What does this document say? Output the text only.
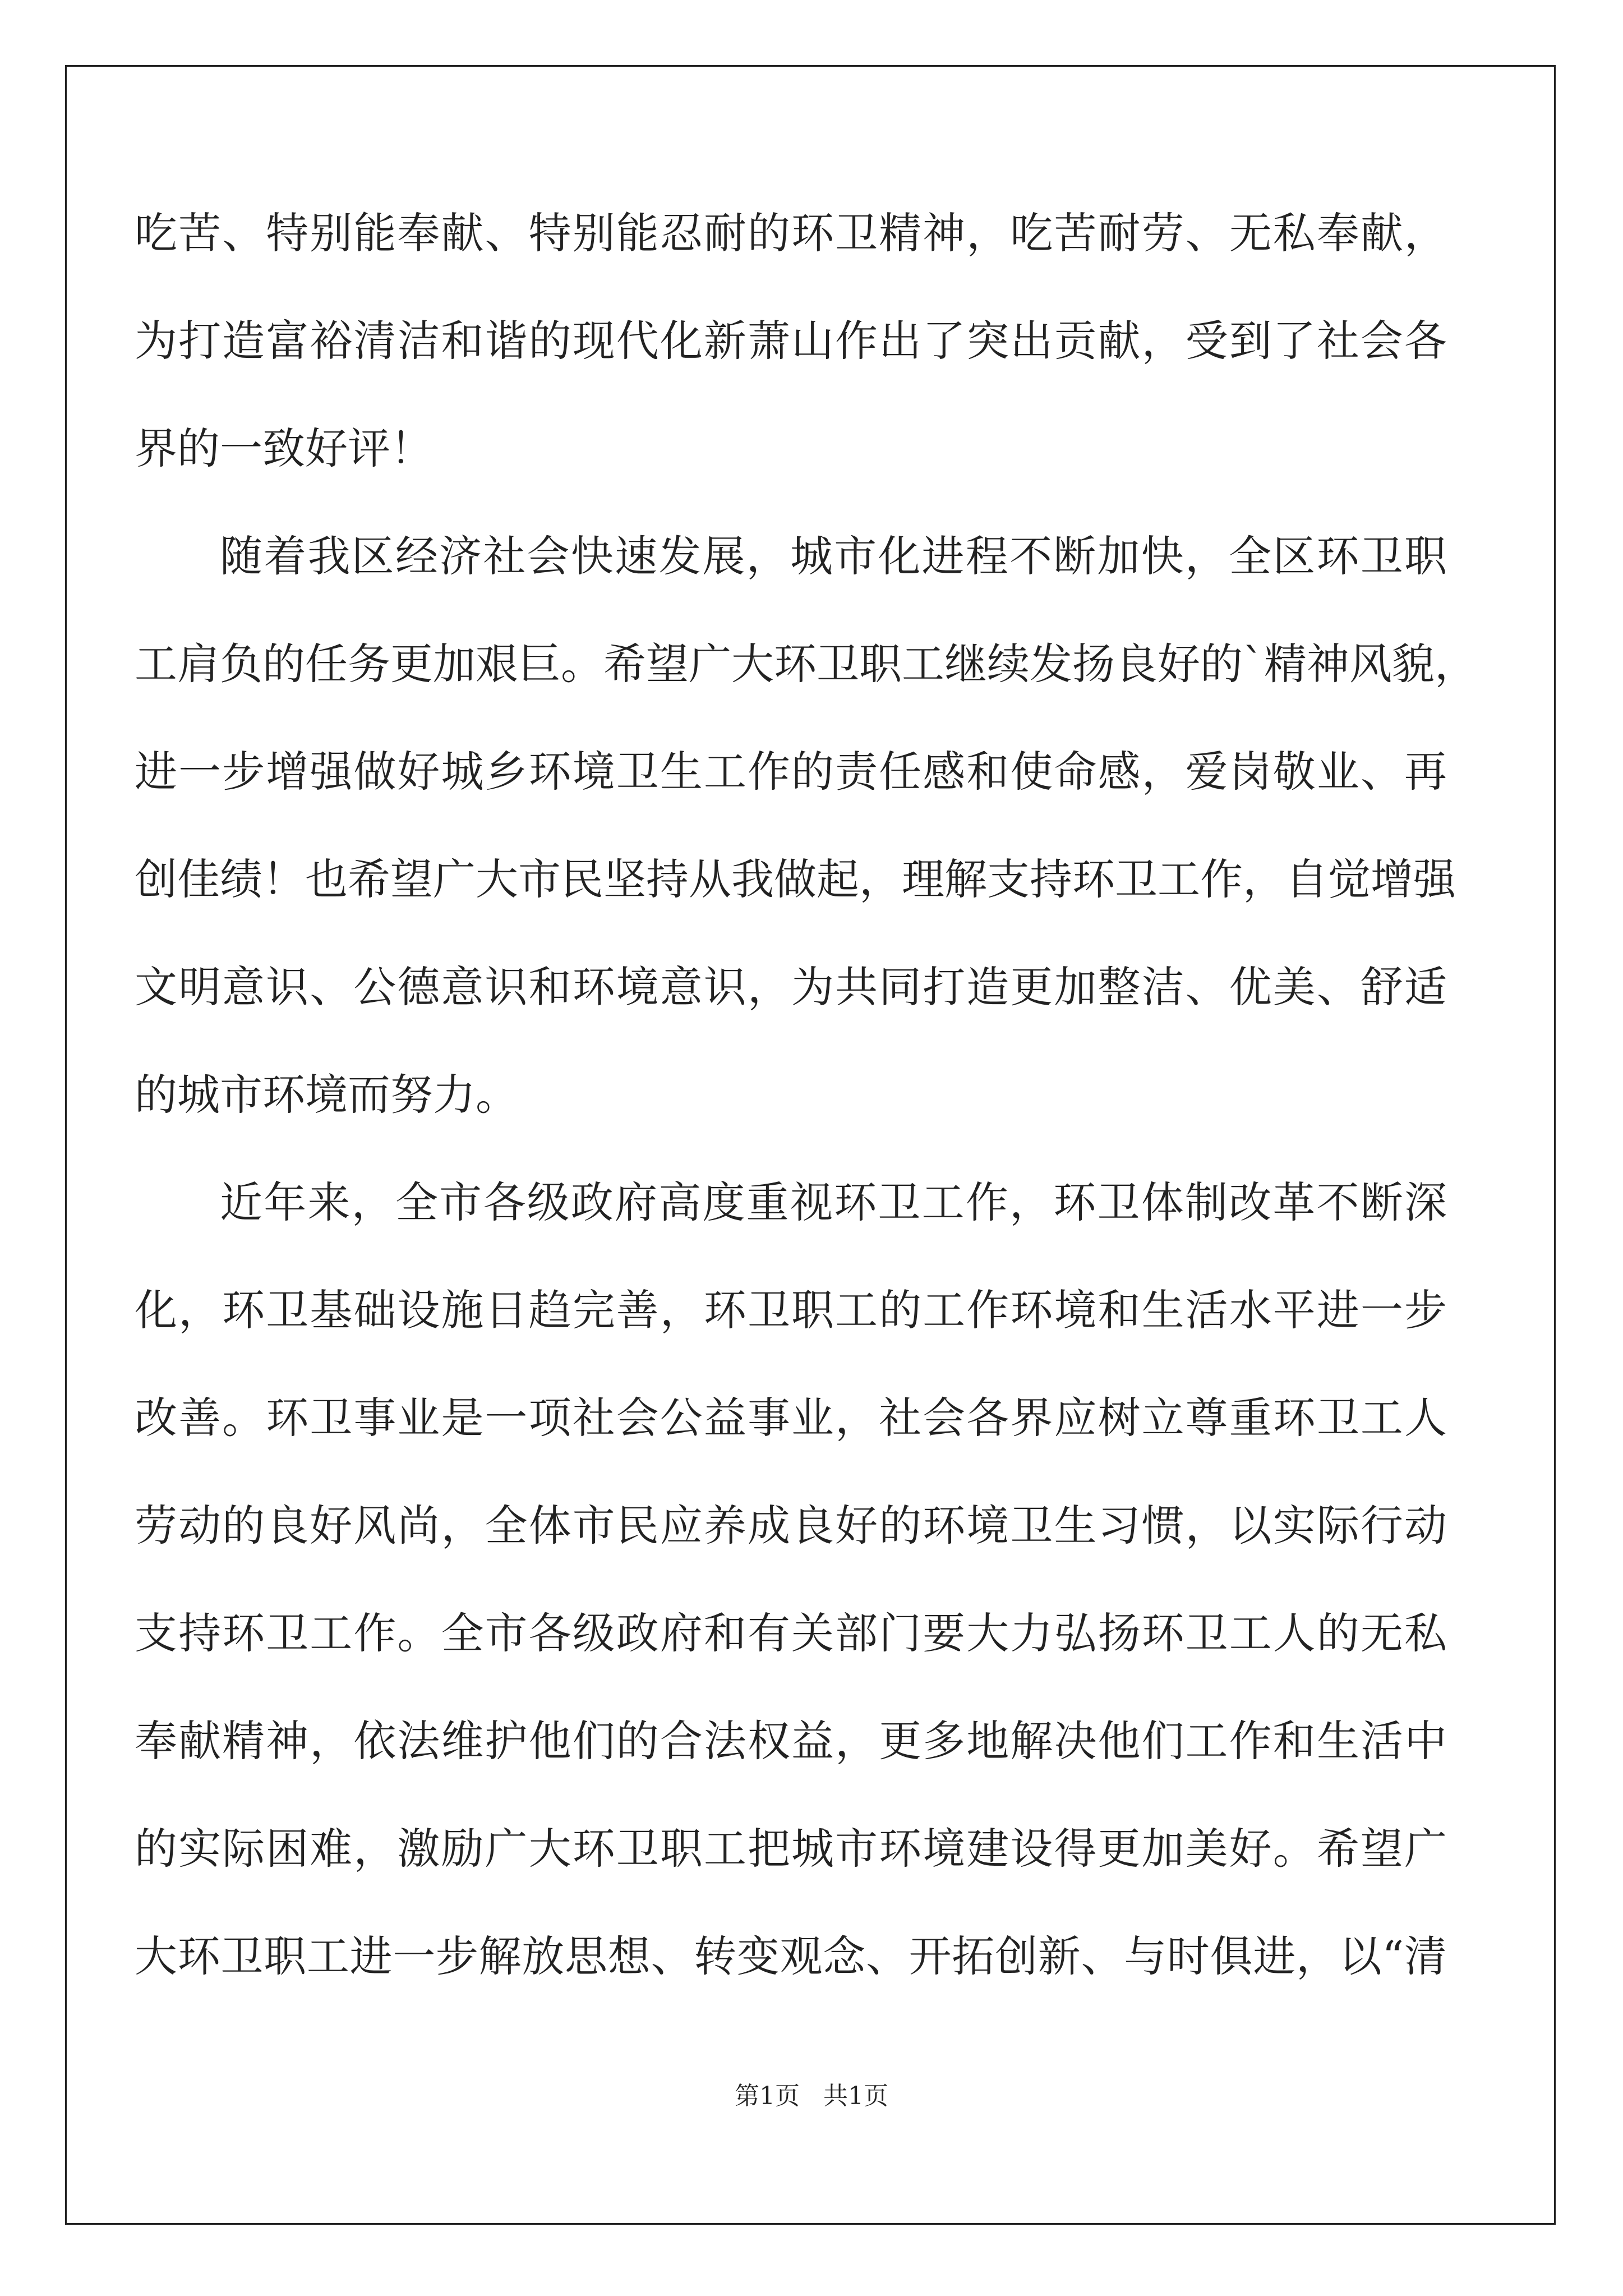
吃苦、特别能奉献、特别能忍耐的环卫精神，吃苦耐劳、无私奉献，
为打造富裕清洁和谐的现代化新萧山作出了突出贡献，受到了社会各
界的一致好评！
随着我区经济社会快速发展，城市化进程不断加快，全区环卫职
工肩负的任务更加艰巨。希望广大环卫职工继续发扬良好的`精神风貌，
进一步增强做好城乡环境卫生工作的责任感和使命感，爱岗敬业、再
创佳绩！也希望广大市民坚持从我做起，理解支持环卫工作，自觉增强
文明意识、公德意识和环境意识，为共同打造更加整洁、优美、舒适
的城市环境而努力。
近年来，全市各级政府高度重视环卫工作，环卫体制改革不断深
化，环卫基础设施日趋完善，环卫职工的工作环境和生活水平进一步
改善。环卫事业是一项社会公益事业，社会各界应树立尊重环卫工人
劳动的良好风尚，全体市民应养成良好的环境卫生习惯，以实际行动
支持环卫工作。全市各级政府和有关部门要大力弘扬环卫工人的无私
奉献精神，依法维护他们的合法权益，更多地解决他们工作和生活中
的实际困难，激励广大环卫职工把城市环境建设得更加美好。希望广
大环卫职工进一步解放思想、转变观念、开拓创新、与时俱进，以“清
第1页   共1页
